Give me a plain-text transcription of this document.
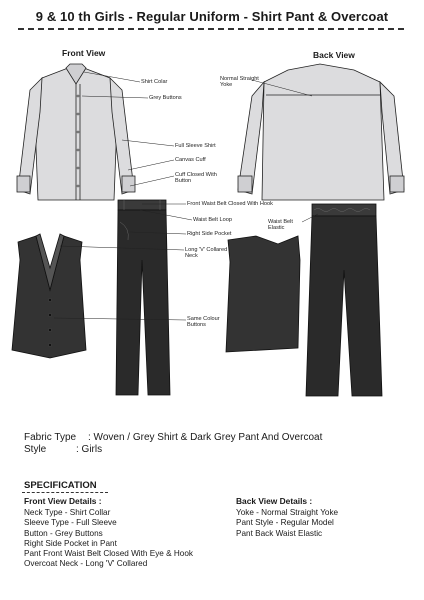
9 & 10 th Girls - Regular Uniform - Shirt Pant & Overcoat
Front View	Back View
Shirt Colar
Grey Buttons
Full Sleeve Shirt
Canvas Cuff
Cuff Closed With Button
Front Waist Belt Closed With Hook
Waist Belt Loop
Right Side Pocket
Long 'V' Collared Neck
Same Colour Buttons
Normal Straight Yoke
Waist Belt Elastic
Fabric Type : Woven / Grey Shirt & Dark Grey Pant And Overcoat
Style	: Girls
SPECIFICATION
Front View Details :
Neck Type - Shirt Collar
Sleeve Type - Full Sleeve
Button - Grey Buttons
Right Side Pocket in Pant
Pant Front Waist Belt Closed With Eye & Hook
Overcoat Neck - Long 'V' Collared
Back View Details :
Yoke - Normal Straight Yoke
Pant Style - Regular Model
Pant Back Waist Elastic
